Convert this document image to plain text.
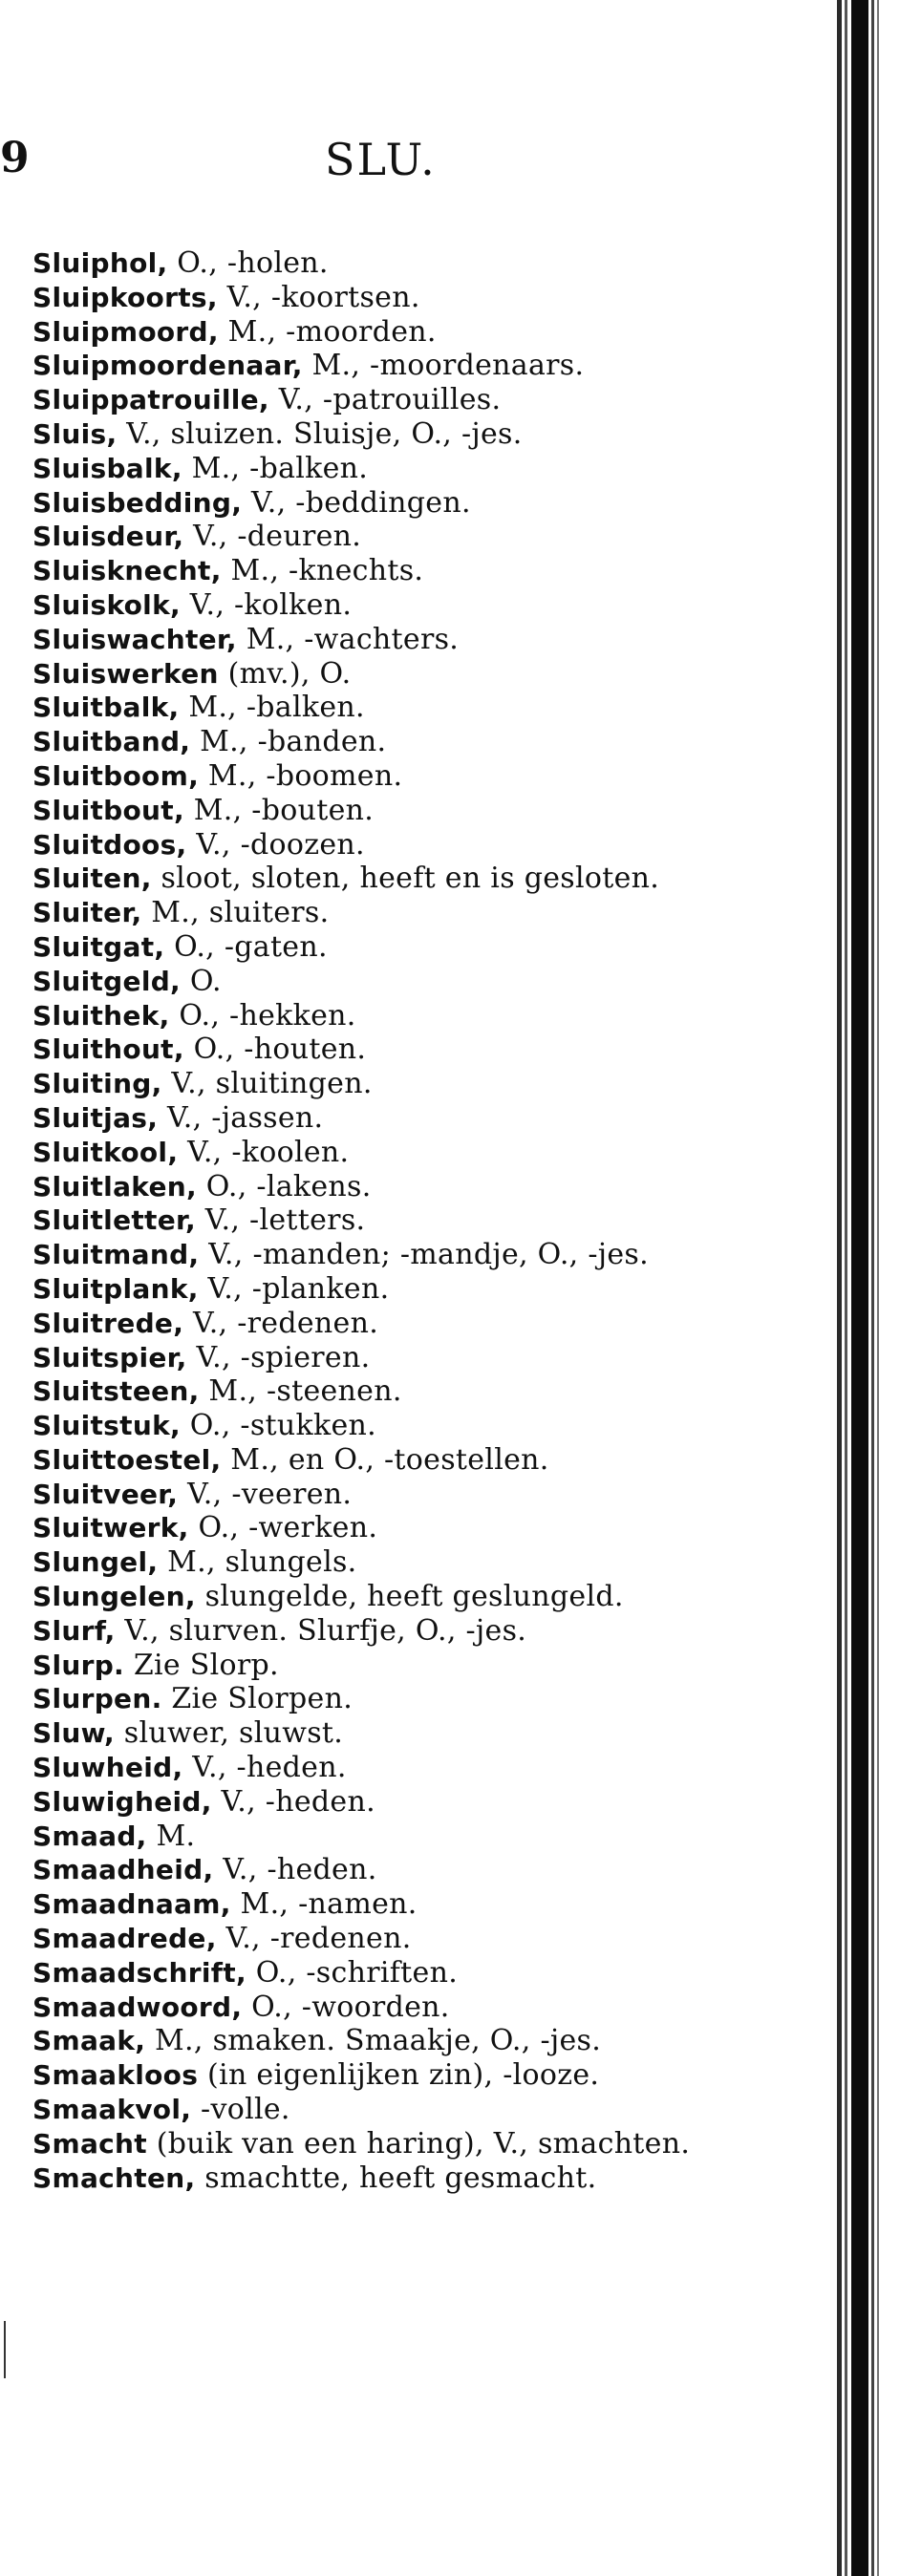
9	SLU.
Sluiphol, O., -holen.
Sluipkoorts, V., -koortsen.
Sluipmoord, M., -moorden.
Sluipmoordenaar, M., -moordenaars.
Sluippatrouille, V., -patrouilles.
Sluis, V., sluizen. Sluisje, O., -jes.
Sluisbalk, M., -balken.
Sluisbedding, V., -beddingen.
Sluisdeur, V., -deuren.
Sluisknecht, M., -knechts.
Sluiskolk, V., -kolken.
Sluiswachter, M., -wachters.
Sluiswerken (mv.), O.
Sluitbalk, M., -balken.
Sluitband, M., -banden.
Sluitboom, M., -boomen.
Sluitbout, M., -bouten.
Sluitdoos, V., -doozen.
Sluiten, sloot, sloten, heeft en is gesloten.
Sluiter, M., sluiters.
Sluitgat, O., -gaten.
Sluitgeld, O.
Sluithek, O., -hekken.
Sluithout, O., -houten.
Sluiting, V., sluitingen.
Sluitjas, V., -jassen.
Sluitkool, V., -koolen.
Sluitlaken, O., -lakens.
Sluitletter, V., -letters.
Sluitmand, V., -manden; -mandje, O., -jes.
Sluitplank, V., -planken.
Sluitrede, V., -redenen.
Sluitspier, V., -spieren.
Sluitsteen, M., -steenen.
Sluitstuk, O., -stukken.
Sluittoestel, M., en O., -toestellen.
Sluitveer, V., -veeren.
Sluitwerk, O., -werken.
Slungel, M., slungels.
Slungelen, slungelde, heeft geslungeld.
Slurf, V., slurven. Slurfje, O., -jes.
Slurp. Zie Slorp.
Slurpen. Zie Slorpen.
Sluw, sluwer, sluwst.
Sluwheid, V., -heden.
Sluwigheid, V., -heden.
Smaad, M.
Smaadheid, V., -heden.
Smaadnaam, M., -namen.
Smaadrede, V., -redenen.
Smaadschrift, O., -schriften.
Smaadwoord, O., -woorden.
Smaak, M., smaken. Smaakje, O., -jes.
Smaakloos (in eigenlijken zin), -looze.
Smaakvol, -volle.
Smacht (buik van een haring), V., smachten.
Smachten, smachtte, heeft gesmacht.
